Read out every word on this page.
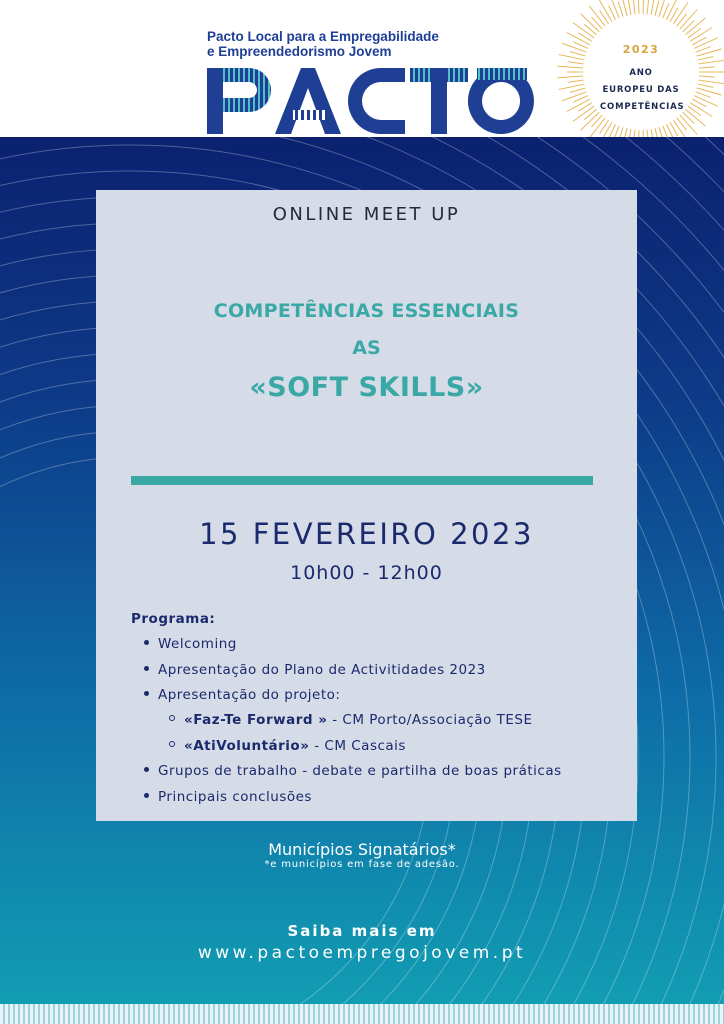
Pacto Local para a Empregabilidade
e Empreendedorismo Jovem	2023
ANO
EUROPEU DAS
COMPETÊNCIAS
ONLINE MEET UP
COMPETÊNCIAS ESSENCIAIS
AS
«SOFT SKILLS»
15 FEVEREIRO 2023
10h00 - 12h00
Programa:
Welcoming
Apresentação do Plano de Activitidades 2023
Apresentação do projeto:
«Faz-Te Forward » - CM Porto/Associação TESE
«AtiVoluntário» - CM Cascais
Grupos de trabalho - debate e partilha de boas práticas
Principais conclusões
Municípios Signatários*
*e municípios em fase de adesão.
Saiba mais em
www.pactoempregojovem.pt
